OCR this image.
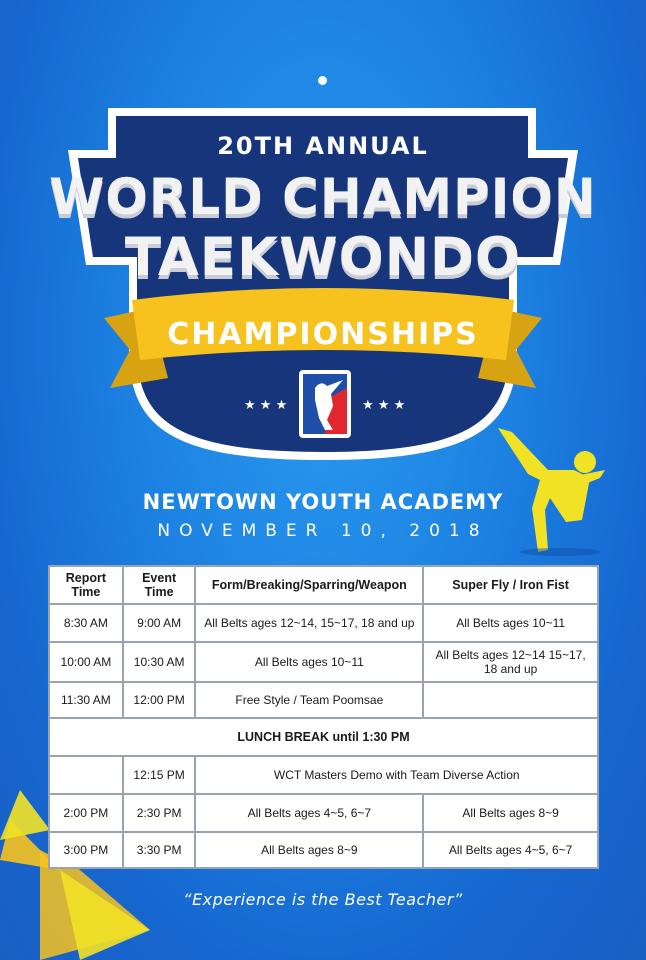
★ ★ ★	★ ★ ★
20TH ANNUAL
WORLD CHAMPION
TAEKWONDO
CHAMPIONSHIPS
NEWTOWN YOUTH ACADEMY
NOVEMBER 10, 2018
Report Time	Event Time	Form/Breaking/Sparring/Weapon	Super Fly / Iron Fist
8:30 AM	9:00 AM	All Belts ages 12~14, 15~17, 18 and up	All Belts ages 10~11
10:00 AM	10:30 AM	All Belts ages 10~11	All Belts ages 12~14 15~17, 18 and up
11:30 AM	12:00 PM	Free Style / Team Poomsae	
LUNCH BREAK until 1:30 PM			
	12:15 PM	WCT Masters Demo with Team Diverse Action	
2:00 PM	2:30 PM	All Belts ages 4~5, 6~7	All Belts ages 8~9
3:00 PM	3:30 PM	All Belts ages 8~9	All Belts ages 4~5, 6~7
“Experience is the Best Teacher”
